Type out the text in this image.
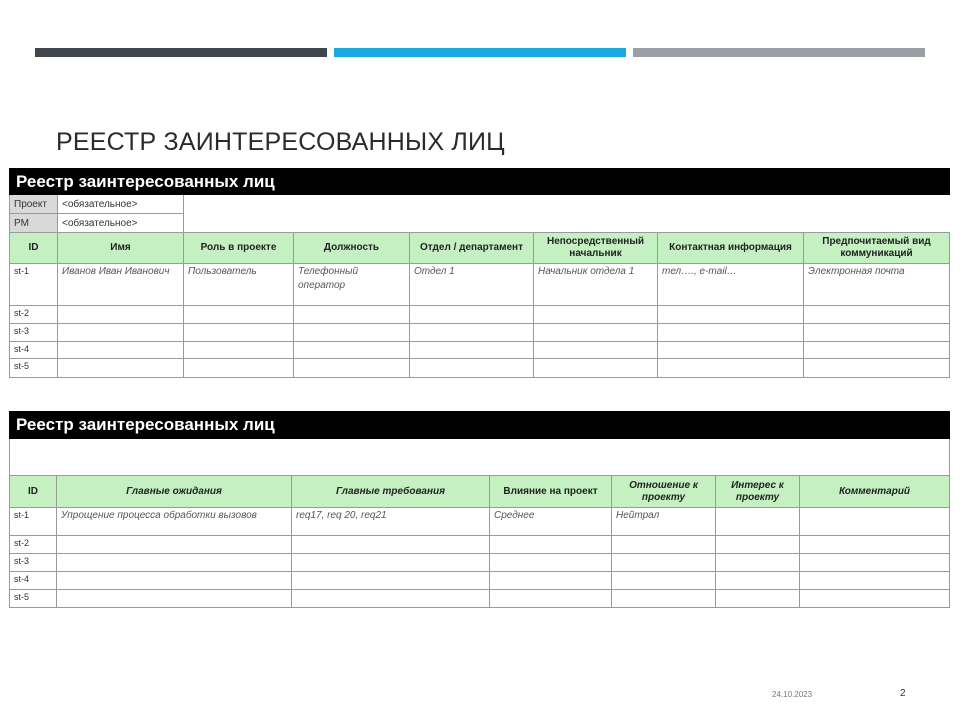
РЕЕСТР ЗАИНТЕРЕСОВАННЫХ ЛИЦ
Реестр заинтересованных лиц							
Проект	<обязательное>						
PM	<обязательное>						
ID	Имя	Роль в проекте	Должность	Отдел / департамент	Непосредственный начальник	Контактная информация	Предпочитаемый вид коммуникаций
st-1	Иванов Иван Иванович	Пользователь	Телефонный оператор	Отдел 1	Начальник отдела 1	тел…., e-mail…	Электронная почта
st-2							
st-3							
st-4							
st-5							
Реестр заинтересованных лиц						

ID	Главные ожидания	Главные требования	Влияние на проект	Отношение к проекту	Интерес к проекту	Комментарий
st-1	Упрощение процесса обработки вызовов	req17, req 20, req21	Среднее	Нейтрал		
st-2						
st-3						
st-4						
st-5						
24.10.2023	2
